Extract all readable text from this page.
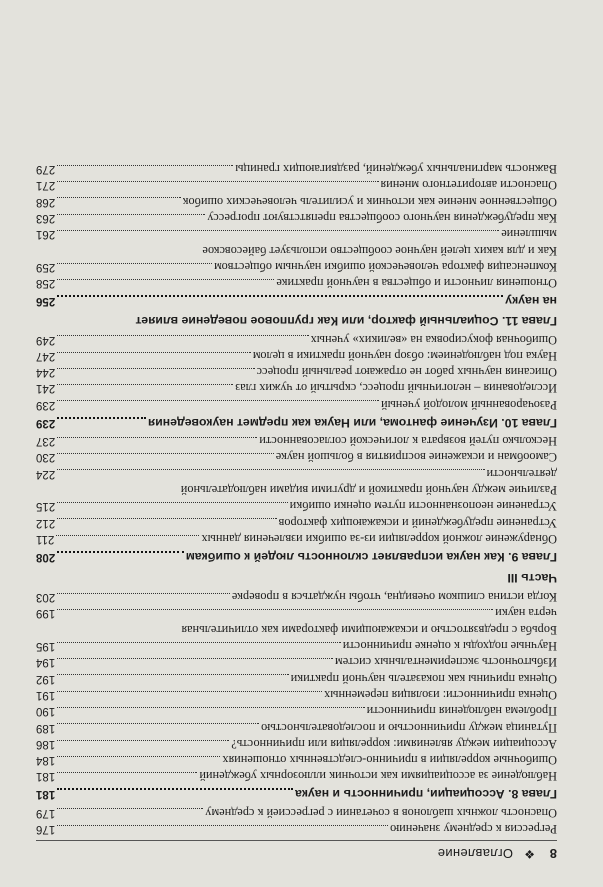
8
❖
Оглавление
Регрессия к среднему значению
176
Опасность ложных шаблонов в сочетании с регрессией к среднему
179
Глава 8. Ассоциации, причинность и наука
181
Наблюдение за ассоциациями как источник иллюзорных убеждений
181
Ошибочные корреляции в причинно-следственных отношениях
184
Ассоциации между явлениями: корреляция или причинность?
186
Путаница между причинностью и последовательностью
189
Проблема наблюдения причинности
190
Оценка причинности: изоляция переменных
191
Оценка причины как показатель научной практики
192
Избыточность экспериментальных систем
194
Научные подходы к оценке причинности
195
Борьба с предвзятостью и искажающими факторами как отличительная
черта науки
199
Когда истина слишком очевидна, чтобы нуждаться в проверке
203
Часть III
Глава 9. Как наука исправляет склонность людей к ошибкам
208
Обнаружение ложной корреляции из-за ошибки извлечения данных
211
Устранение предубеждений и искажающих факторов
212
Устранение неопознанности путем оценки ошибки
215
Различие между научной практикой и другими видами наблюдательной
деятельности
224
Самообман и искажение восприятия в большой науке
230
Несколько путей возврата к логической согласованности
237
Глава 10. Изучение фантома, или Наука как предмет науковедения
239
Разочарованный молодой ученый
239
Исследования – нелогичный процесс, скрытый от чужих глаз
241
Описания научных работ не отражают реальный процесс
244
Наука под наблюдением: обзор научной практики в целом
247
Ошибочная фокусировка на «великих» ученых
249
Глава 11. Социальный фактор, или Как групповое поведение влияет
на науку
256
Отношения личности и общества в научной практике
258
Компенсация фактора человеческой ошибки научным обществом
259
Как и для каких целей научное сообщество использует байесовское
мышление
261
Как предубеждения научного сообщества препятствуют прогрессу
263
Общественное мнение как источник и усилитель человеческих ошибок
268
Опасности авторитетного мнения
271
Важность маргинальных убеждений, раздвигающих границы
279
